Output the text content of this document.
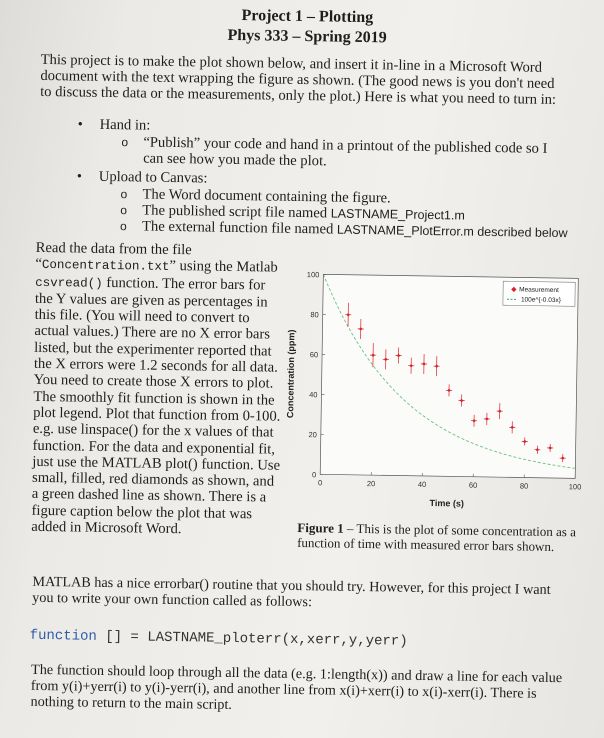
Project 1 – Plotting
Phys 333 – Spring 2019
This project is to make the plot shown below, and insert it in-line in a Microsoft Word document with the text wrapping the figure as shown. (The good news is you don't need to discuss the data or the measurements, only the plot.) Here is what you need to turn in:
• Hand in:
o “Publish” your code and hand in a printout of the published code so I can see how you made the plot.
• Upload to Canvas:
o The Word document containing the figure.
o The published script file named LASTNAME_Project1.m
o The external function file named LASTNAME_PlotError.m described below

Read the data from the file “Concentration.txt” using the Matlab csvread() function. The error bars for the Y values are given as percentages in this file. (You will need to convert to actual values.) There are no X error bars listed, but the experimenter reported that the X errors were 1.2 seconds for all data. You need to create those X errors to plot. The smoothly fit function is shown in the plot legend. Plot that function from 0-100. e.g. use linspace() for the x values of that function. For the data and exponential fit, just use the MATLAB plot() function. Use small, filled, red diamonds as shown, and a green dashed line as shown. There is a figure caption below the plot that was added in Microsoft Word.

0	20	40	60	80	100
0
20
40
60
80
100
Time (s)
Concentration (ppm)
◆ Measurement
100e^{-0.03x}
Figure 1 – This is the plot of some concentration as a function of time with measured error bars shown.
MATLAB has a nice errorbar() routine that you should try. However, for this project I want you to write your own function called as follows:
function [] = LASTNAME_ploterr(x,xerr,y,yerr)
The function should loop through all the data (e.g. 1:length(x)) and draw a line for each value from y(i)+yerr(i) to y(i)-yerr(i), and another line from x(i)+xerr(i) to x(i)-xerr(i). There is nothing to return to the main script.
